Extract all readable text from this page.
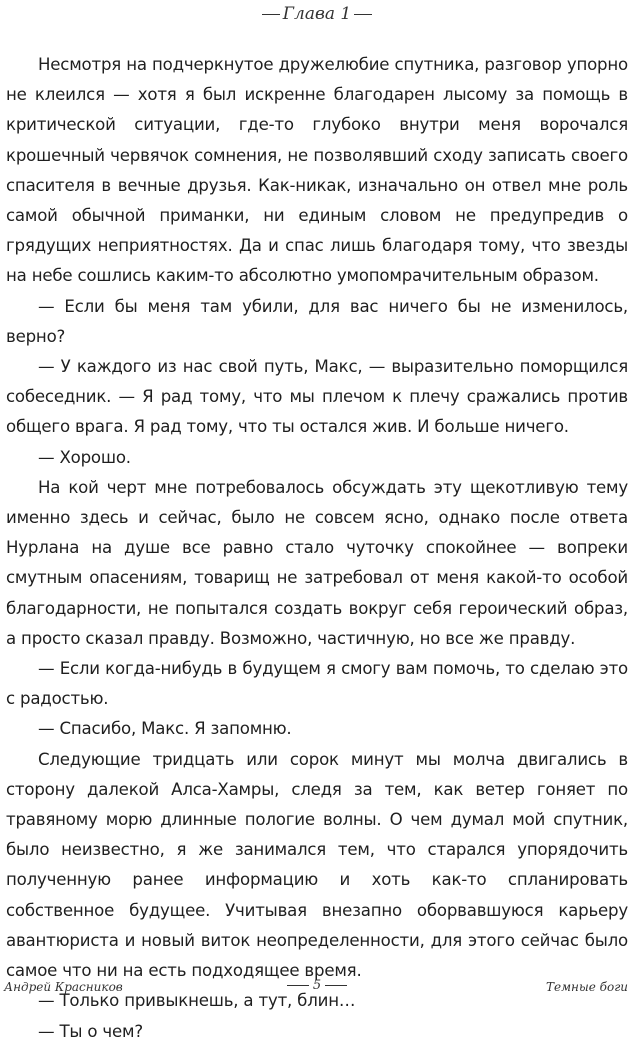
Глава 1

Несмотря на подчеркнутое дружелюбие спутника, разговор упорно не клеился — хотя я был искренне благодарен лысому за помощь в критической ситуации, где-то глубоко внутри меня ворочался крошечный червячок сомнения, не позволявший сходу записать своего спасителя в вечные друзья. Как-никак, изначально он отвел мне роль самой обычной приманки, ни единым словом не предупредив о грядущих неприятностях. Да и спас лишь благодаря тому, что звезды на небе сошлись каким-то абсолютно умопомрачительным образом.

— Если бы меня там убили, для вас ничего бы не изменилось, верно?

— У каждого из нас свой путь, Макс, — выразительно поморщился собеседник. — Я рад тому, что мы плечом к плечу сражались против общего врага. Я рад тому, что ты остался жив. И больше ничего.

— Хорошо.

На кой черт мне потребовалось обсуждать эту щекотливую тему именно здесь и сейчас, было не совсем ясно, однако после ответа Нурлана на душе все равно стало чуточку спокойнее — вопреки смутным опасениям, товарищ не затребовал от меня какой-то особой благодарности, не попытался создать вокруг себя героический образ, а просто сказал правду. Возможно, частичную, но все же правду.

— Если когда-нибудь в будущем я смогу вам помочь, то сделаю это с радостью.

— Спасибо, Макс. Я запомню.

Следующие тридцать или сорок минут мы молча двигались в сторону далекой Алса-Хамры, следя за тем, как ветер гоняет по травяному морю длинные пологие волны. О чем думал мой спутник, было неизвестно, я же занимался тем, что старался упорядочить полученную ранее информацию и хоть как-то спланировать собственное будущее. Учитывая внезапно оборвавшуюся карьеру авантюриста и новый виток неопределенности, для этого сейчас было самое что ни на есть подходящее время.

— Только привыкнешь, а тут, блин…

— Ты о чем?

Андрей Красников	5	Темные боги
